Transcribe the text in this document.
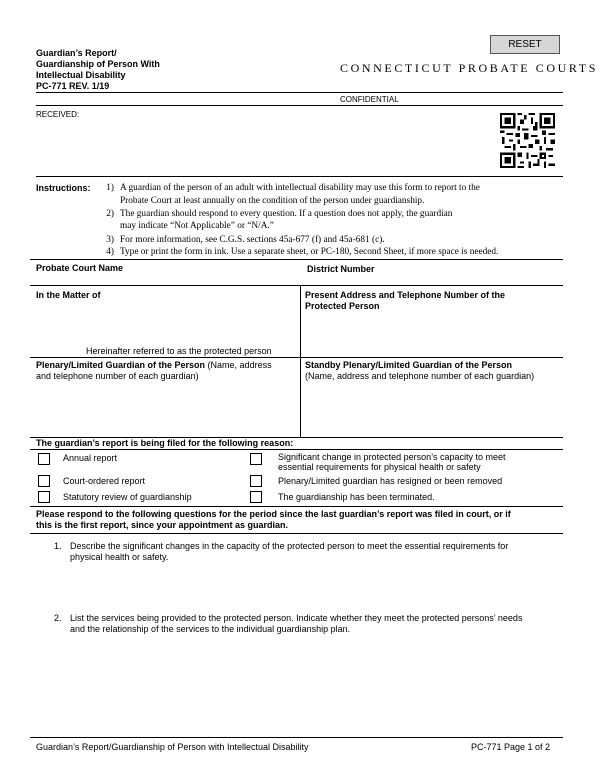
RESET
Guardian’s Report/
Guardianship of Person With
Intellectual Disability
PC-771 REV. 1/19
CONNECTICUT PROBATE COURTS
CONFIDENTIAL
RECEIVED:
Instructions:	1) A guardian of the person of an adult with intellectual disability may use this form to report to the
Probate Court at least annually on the condition of the person under guardianship.
2) The guardian should respond to every question. If a question does not apply, the guardian
may indicate “Not Applicable” or “N/A.”
3) For more information, see C.G.S. sections 45a-677 (f) and 45a-681 (c).
4) Type or print the form in ink. Use a separate sheet, or PC-180, Second Sheet, if more space is needed.
Probate Court Name	District Number
In the Matter of
Hereinafter referred to as the protected person
Present Address and Telephone Number of the
Protected Person
Plenary/Limited Guardian of the Person (Name, address
and telephone number of each guardian)
Standby Plenary/Limited Guardian of the Person
(Name, address and telephone number of each guardian)
The guardian’s report is being filed for the following reason:
Annual report	Significant change in protected person’s capacity to meet essential requirements for physical health or safety
Court-ordered report	Plenary/Limited guardian has resigned or been removed
Statutory review of guardianship	The guardianship has been terminated.
Please respond to the following questions for the period since the last guardian’s report was filed in court, or if
this is the first report, since your appointment as guardian.
1. Describe the significant changes in the capacity of the protected person to meet the essential requirements for
physical health or safety.
2. List the services being provided to the protected person. Indicate whether they meet the protected persons’ needs
and the relationship of the services to the individual guardianship plan.
Guardian’s Report/Guardianship of Person with Intellectual Disability	PC-771 Page 1 of 2
